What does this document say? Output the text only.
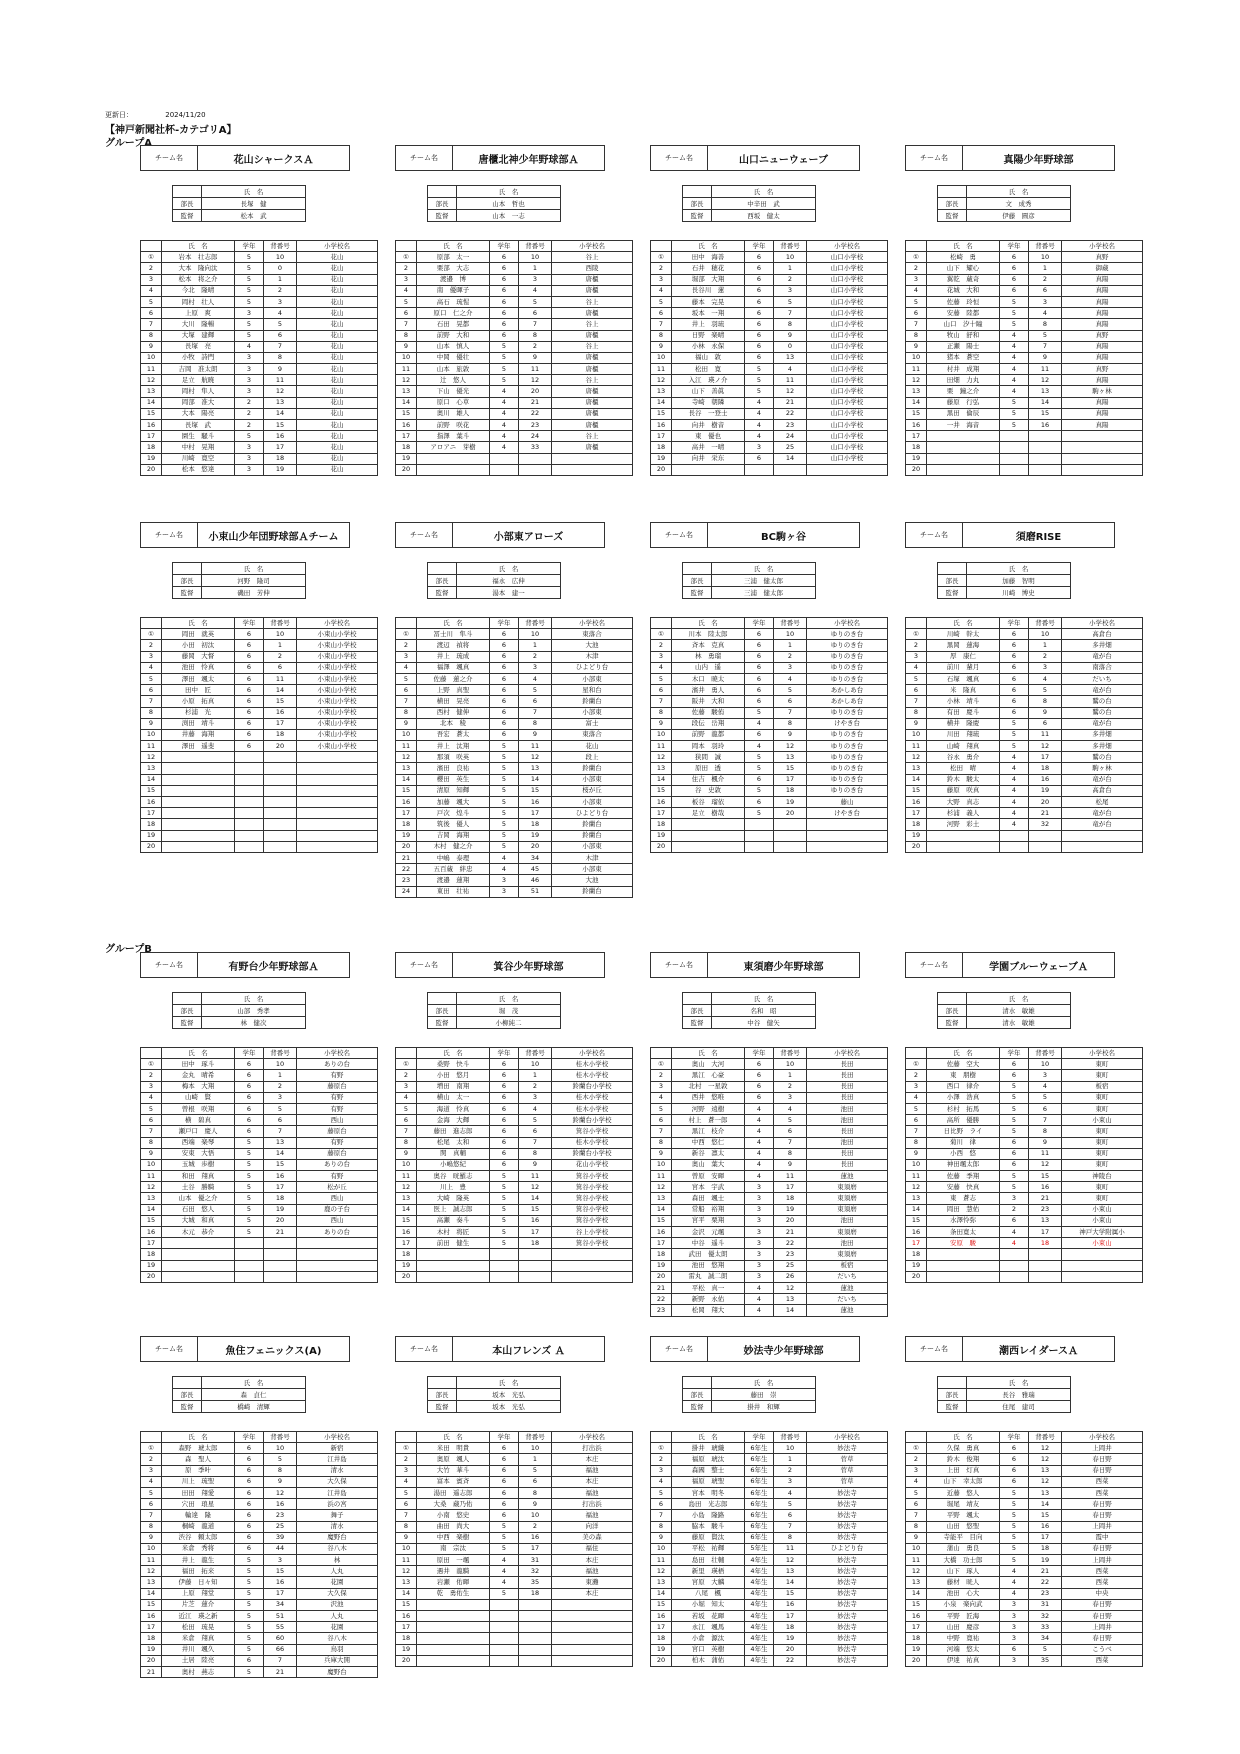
更新日：	2024/11/20
【神戸新聞社杯-カテゴリA】
グループA
チーム名	花山シャークスＡ
	氏　名
部長	長塚　健
監督	松本　武
	氏　名	学年	背番号	小学校名
①	岩本　壮志郎	5	10	花山
2	大本　隆向汰	5	0	花山
3	松本　将之介	5	1	花山
4	今北　隆晴	5	2	花山
5	岡村　壮人	5	3	花山
6	上原　爽	3	4	花山
7	大川　隆暢	5	5	花山
8	大塚　建輝	5	6	花山
9	長塚　亮	4	7	花山
10	小牧　詩門	3	8	花山
11	吉岡　准太朗	3	9	花山
12	足立　航暁	3	11	花山
13	岡村　隼人	3	12	花山
14	岡部　准大	2	13	花山
15	大本　陽亮	2	14	花山
16	長塚　武	2	15	花山
17	園生　騒斗	5	16	花山
18	中村　晃翔	3	17	花山
19	川崎　寛空	3	18	花山
20	松本　悠達	3	19	花山
チーム名	唐櫃北神少年野球部Ａ
	氏　名
部長	山本　哲也
監督	山本　一志
	氏　名	学年	背番号	小学校名
①	原部　太一	6	10	谷上
2	栗部　大志	6	1	西陵
3	渡邉　博	6	3	唐櫃
4	南　優暉子	6	4	唐櫃
5	高石　琉惺	6	5	谷上
6	原口　仁之介	6	6	唐櫃
7	石田　晃都	6	7	谷上
8	前野　大和	6	8	唐櫃
9	山本　慎人	5	2	谷上
10	中岡　優壮	5	9	唐櫃
11	山本　旅敦	5	11	唐櫃
12	辻　悠人	5	12	谷上
13	下山　優光	4	20	唐櫃
14	原口　心草	4	21	唐櫃
15	奥川　雄人	4	22	唐櫃
16	前野　咲花	4	23	唐櫃
17	指澤　葉斗	4	24	谷上
18	アロアニ　芽樹	4	33	唐櫃
19				
20				
チーム名	山口ニューウェーブ
	氏　名
部長	中辛田　武
監督	西坂　健太
	氏　名	学年	背番号	小学校名
①	田中　海善	6	10	山口小学校
2	石井　穂花	6	1	山口小学校
3	堀部　大翔	6	2	山口小学校
4	長谷川　蓮	6	3	山口小学校
5	藤本　完晃	6	5	山口小学校
6	坂本　一翔	6	7	山口小学校
7	井上　羽琉	6	8	山口小学校
8	日野　楽晴	6	9	山口小学校
9	小林　永保	6	0	山口小学校
10	福山　敦	6	13	山口小学校
11	松田　寛	5	4	山口小学校
12	入江　瑛ノ介	5	11	山口小学校
13	山下　善眞	5	12	山口小学校
14	寺崎　朝隣	4	21	山口小学校
15	長谷　一登士	4	22	山口小学校
16	向井　樹音	4	23	山口小学校
17	東　優也	4	24	山口小学校
18	高井　一晴	3	25	山口小学校
19	向井　栄东	6	14	山口小学校
20				
チーム名	真陽少年野球部
	氏　名
部長	文　成秀
監督	伊藤　圓彦
	氏　名	学年	背番号	小学校名
①	松崎　勇	6	10	真野
2	山下　耀心	6	1	御蔵
3	翼乾　蔵奇	6	2	真陽
4	花城　大和	6	6	真陽
5	佐藤　玲恒	5	3	真陽
6	安藤　陸都	5	4	真陽
7	山口　汐十瞳	5	8	真陽
8	牧山　舒和	4	5	真野
9	正瀬　陽士	4	7	真陽
10	猪本　蒼空	4	9	真陽
11	村井　成翔	4	11	真野
12	田畑　力丸	4	12	真陽
13	栗　鐘之介	4	13	駒ヶ林
14	藤原　行弘	5	14	真陽
15	黒田　倫辰	5	15	真陽
16	一井　海音	5	16	真陽
17				
18				
19				
20				
チーム名	小束山少年団野球部Ａチーム
	氏　名
部長	河野　隆司
監督	磯田　芳伸
	氏　名	学年	背番号	小学校名
①	岡田　就英	6	10	小束山小学校
2	小田　初汰	6	1	小束山小学校
3	藤岡　大督	6	2	小束山小学校
4	池田　怜真	6	6	小束山小学校
5	澤田　颯太	6	11	小束山小学校
6	田中　匠	6	14	小束山小学校
7	小原　拓真	6	15	小束山小学校
8	杉浦　光	6	16	小束山小学校
9	渕田　靖斗	6	17	小束山小学校
10	井藤　海翔	6	18	小束山小学校
11	澤田　遥斐	6	20	小束山小学校
12				
13				
14				
15				
16				
17				
18				
19				
20				
チーム名	小部東アローズ
	氏　名
部長	福永　広伸
監督	湯本　建一
	氏　名	学年	背番号	小学校名
①	冨士川　隼斗	6	10	東落合
2	渡辺　禎将	6	1	大池
3	井上　琉成	6	2	木津
4	福澤　颯真	6	3	ひよどり台
5	佐藤　蓮之介	6	4	小部東
6	上野　真聖	6	5	星和台
7	横田　晃亮	6	6	鈴蘭台
8	西村　健伸	6	7	小部東
9	北本　稜	6	8	富士
10	吾宏　蒼太	6	9	東落合
11	井上　汰翔	5	11	花山
12	那須　咲英	5	12	段上
13	濱田　良祐	5	13	鈴蘭台
14	櫻田　英生	5	14	小部東
15	清原　知輝	5	15	桜が丘
16	加藤　颯大	5	16	小部東
17	戸次　煌斗	5	17	ひよどり台
18	筑後　優人	5	18	鈴蘭台
19	吉岡　海翔	5	19	鈴蘭台
20	木村　健之介	5	20	小部東
21	中嶋　泰理	4	34	木津
22	五百蔵　絆忠	4	45	小部東
23	渡邉　蓮翔	3	46	大池
24	東田　壮祐	3	51	鈴蘭台
チーム名	BC駒ヶ谷
	氏　名
部長	三浦　健太郎
監督	三浦　健太郎
	氏　名	学年	背番号	小学校名
①	川本　陸太郎	6	10	ゆりのき台
2	斉本　克真	6	1	ゆりのき台
3	林　勇瑠	6	2	ゆりのき台
4	山内　遥	6	3	ゆりのき台
5	木口　暁太	6	4	ゆりのき台
6	濱井　勇人	6	5	あかしあ台
7	阪井　大和	6	6	あかしあ台
8	佐藤　駿侑	5	7	ゆりのき台
9	段伝　岳翔	4	8	けやき台
10	前野　龍都	6	9	ゆりのき台
11	岡本　羽玲	4	12	ゆりのき台
12	狭間　誠	5	13	ゆりのき台
13	原田　透	5	15	ゆりのき台
14	住吉　楓介	6	17	ゆりのき台
15	谷　史敦	5	18	ゆりのき台
16	板谷　瑠依	6	19	藤山
17	足立　樹哉	5	20	けやき台
18				
19				
20				
チーム名	須磨RISE
	氏　名
部長	加藤　智明
監督	川崎　博史
	氏　名	学年	背番号	小学校名
①	川崎　幹太	6	10	高倉台
2	黒岡　蓮海	6	1	多井畑
3	厚　康仁	6	2	竜が台
4	前川　輩月	6	3	南落合
5	石塚　颯真	6	4	だいち
6	米　隆真	6	5	竜が台
7	小林　靖斗	6	8	鷲の台
8	有田　慶斗	6	9	鷲の台
9	横井　隆慶	5	6	竜が台
10	川田　翔琉	5	11	多井畑
11	山崎　翔真	5	12	多井畑
12	谷永　勇介	4	17	鷲の台
13	松田　晴	4	18	駒ヶ林
14	鈴木　駿太	4	16	竜が台
15	藤原　咲真	4	19	高倉台
16	大野　真志	4	20	松尾
17	杉浦　義人	4	21	竜が台
18	河野　彩土	4	32	竜が台
19				
20				
グループB
チーム名	有野台少年野球部Ａ
	氏　名
部長	山部　秀孝
監督	林　健次
	氏　名	学年	背番号	小学校名
①	田中　琢斗	6	10	ありの台
2	金丸　晴希	6	1	有野
3	梅本　大翔	6	2	藤原台
4	山崎　賢	6	3	有野
5	曽根　咲翔	6	5	有野
6	横　碧真	6	6	西山
7	瀬戸口　慶人	6	7	藤原台
8	西端　楽琴	5	13	有野
9	安東　大悟	5	14	藤原台
10	玉城　歩樹	5	15	ありの台
11	和田　翔真	5	16	有野
12	土谷　勝騎	5	17	松が丘
13	山本　優之介	5	18	西山
14	石田　悠人	5	19	鹿の子台
15	大城　和真	5	20	西山
16	木元　恭介	5	21	ありの台
17				
18				
19				
20				
チーム名	箕谷少年野球部
	氏　名
部長	堀　茂
監督	小柳純二
	氏　名	学年	背番号	小学校名
①	桑野　快斗	6	10	桂木小学校
2	小田　悠月	6	1	桂木小学校
3	増田　南翔	6	2	鈴蘭台小学校
4	横山　太一	6	3	桂木小学校
5	海道　怜真	6	4	桂木小学校
6	金海　大輝	6	5	鈴蘭台小学校
7	藤田　進志郎	6	6	箕谷小学校
8	松尾　太和	6	7	桂木小学校
9	関　真輔	6	8	鈴蘭台小学校
10	小嶋悠紀	6	9	花山小学校
11	奥谷　晄羅志	5	11	箕谷小学校
12	川上　豊	5	12	箕谷小学校
13	大崎　隆英	5	14	箕谷小学校
14	医上　誠志郎	5	15	箕谷小学校
15	高瀬　奏斗	5	16	箕谷小学校
16	木村　将匠	5	17	谷上小学校
17	前田　健生	5	18	箕谷小学校
18				
19				
20				
チーム名	東須磨少年野球部
	氏　名
部長	名和　昭
監督	中谷　健矢
	氏　名	学年	背番号	小学校名
①	奥山　大河	6	10	長田
2	黒江　心豪	6	1	長田
3	北村　一星敦	6	2	長田
4	西井　悠唯	6	3	長田
5	河野　遠樹	4	4	池田
6	村上　蒼一郎	4	5	池田
7	黒江　枝介	4	6	長田
8	中西　悠仁	4	7	池田
9	新谷　凛太	4	8	長田
10	奥山　葉大	4	9	長田
11	曽原　安暉	4	11	蓮池
12	宮本　宇武	3	17	東須磨
13	森田　颯士	3	18	東須磨
14	常船　裕翔	3	19	東須磨
15	宮平　栗翔	3	20	池田
16	金沢　元颯	3	21	東須磨
17	中谷　遥斗	3	22	池田
18	武田　優太朗	3	23	東須磨
19	池田　悠翔	3	25	板宿
20	雷丸　誠二朗	3	26	だいち
21	平松　真一	4	12	蓮池
22	新野　永佑	4	13	だいち
23	松岡　翔大	4	14	蓮池
チーム名	学園ブルーウェーブＡ
	氏　名
部長	清水　敏雄
監督	清水　敏雄
	氏　名	学年	背番号	小学校名
①	佐藤　空大	6	10	東町
2	東　朋樹	6	3	東町
3	西口　律介	5	4	板宿
4	小澤　浩真	5	5	東町
5	杉村　拓馬	5	6	東町
6	高所　優勝	5	7	小束山
7	日比野　ライ	5	8	東町
8	菊川　律	6	9	東町
9	小西　悠	6	11	東町
10	神田颯太郎	6	12	東町
11	佐藤　季翔	5	15	神陵台
12	安藤　快真	5	16	東町
13	東　蒼志	3	21	東町
14	岡田　慧佑	2	23	小束山
15	水澤怜弥	6	13	小束山
16	条田寛太	4	17	神戸大学附属小
17	安原　駿	4	18	小束山
18				
19				
20				
チーム名	魚住フェニックス(A)
	氏　名
部長	森　貞仁
監督	橋崎　清輝
	氏　名	学年	背番号	小学校名
①	森野　琥太郎	6	10	新宿
2	森　聖人	6	5	江井島
3	原　季叶	6	8	清水
4	川上　琉聖	6	9	大久保
5	田田　翔愛	6	12	江井島
6	穴田　琅星	6	16	浜の宮
7	輪達　隆	6	23	舞子
8	桐崎　龍道	6	25	清水
9	渋谷　頼太郎	6	39	魔野台
10	米倉　秀将	6	44	谷八木
11	井上　龍生	5	3	林
12	福田　拓来	5	15	人丸
13	伊藤　日々知	5	16	花園
14	上原　翔堂	5	17	大久保
15	片芝　蓮介	5	34	沢池
16	近江　瑛之新	5	51	人丸
17	松田　琉晃	5	55	花園
18	米倉　翔真	5	60	谷八木
19	井川　颯久	5	66	鳥羽
20	土居　陸亮	6	7	兵庫大開
21	奥村　燕志	5	21	魔野台
チーム名	本山フレンズ Ａ
	氏　名
部長	坂本　光弘
監督	坂本　光弘
	氏　名	学年	背番号	小学校名
①	米田　明貴	6	10	打出浜
2	奥原　颯人	6	1	本庄
3	大竹　華斗	6	5	福池
4	富本　賓斉	6	6	本庄
5	湯田　遥志郎	6	8	福池
6	大桑　蔵乃佑	6	9	打出浜
7	小南　悠史	6	10	福池
8	曲田　尚大	5	2	向洋
9	中西　楽樹	5	16	美の森
10	南　宗汰	5	17	福住
11	原田　一颯	4	31	本庄
12	遇井　龍騎	4	32	福池
13	岩瀬　佑暉	4	35	東灘
14	乾　勇佑生	5	18	本庄
15				
16				
17				
18				
19				
20				
チーム名	妙法寺少年野球部
	氏　名
部長	藤田　崇
監督	掛井　和輝
	氏　名	学年	背番号	小学校名
①	掛井　琥織	6年生	10	妙法寺
2	福原　琥汰	6年生	1	菅草
3	森國　整士	6年生	2	菅草
4	福原　琥聖	6年生	3	菅草
5	宮本　明冬	6年生	4	妙法寺
6	島田　光志郎	6年生	5	妙法寺
7	小島　隆路	6年生	6	妙法寺
8	脇本　駿斗	6年生	7	妙法寺
9	藤原　賢汰	6年生	8	妙法寺
10	平松　祐輝	5年生	11	ひよどり台
11	島田　壮輔	4年生	12	妙法寺
12	新里　瑛梧	4年生	13	妙法寺
13	宮原　大麟	4年生	14	妙法寺
14	八尾　楓	4年生	15	妙法寺
15	小堀　知太	4年生	16	妙法寺
16	若坂　花暉	4年生	17	妙法寺
17	永江　颯馬	4年生	18	妙法寺
18	小倉　源汰	4年生	19	妙法寺
19	宮口　英樹	4年生	20	妙法寺
20	柏木　蒲佑	4年生	22	妙法寺
チーム名	潮西レイダースＡ
	氏　名
部長	長谷　雅瑞
監督	住尾　建司
	氏　名	学年	背番号	小学校名
①	久保　勇真	6	12	上岡井
2	鈴木　俊翔	6	12	春日野
3	上田　灯真	6	13	春日野
4	山下　幸太郎	6	12	西菜
5	近藤　悠人	5	13	西菜
6	堀尾　靖友	5	14	春日野
7	平野　颯太	5	15	春日野
8	山田　悠聖	5	16	上岡井
9	寺能平　目向	5	17	霞中
10	蒲山　勇良	5	18	春日野
11	大橋　功士郎	5	19	上岡井
12	山下　琢人	4	21	西菜
13	藤材　晄人	4	22	西菜
14	池田　心大	4	23	中央
15	小泉　楽向武	3	31	春日野
16	平野　匠海	3	32	春日野
17	山田　慶彦	3	33	上岡井
18	中野　寛祐	3	34	春日野
19	河端　悠太	6	5	こうべ
20	伊達　祐真	3	35	西菜
